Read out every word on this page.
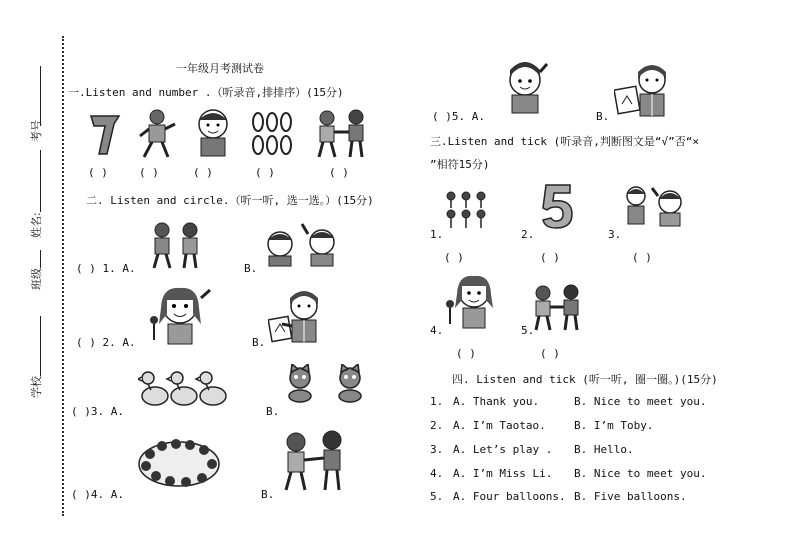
考号
姓名:
班级
学校
一年级月考测试卷
一.Listen and number .（听录音,排排序）(15分)
( )	( )	( )	( )	( )
二. Listen and circle.（听一听, 选一选。）(15分)
( ) 1. A.	B.
( ) 2. A.	B.
( )3. A.	B.
( )4. A.	B.
( )5. A.	B.
三.Listen and tick (听录音,判断图文是“√”否“×
”相符15分)
1.
( )
2.
( )
3.
( )
4.
( )
5.
( )
四. Listen and tick (听一听, 圈一圈。)(15分)
1. A. Thank you.	B. Nice to meet you.
2. A. I’m Taotao.	B. I’m Toby.
3. A. Let’s play . B. Hello.
4. A. I’m Miss Li. B. Nice to meet you.
5. A. Four balloons. B. Five balloons.
